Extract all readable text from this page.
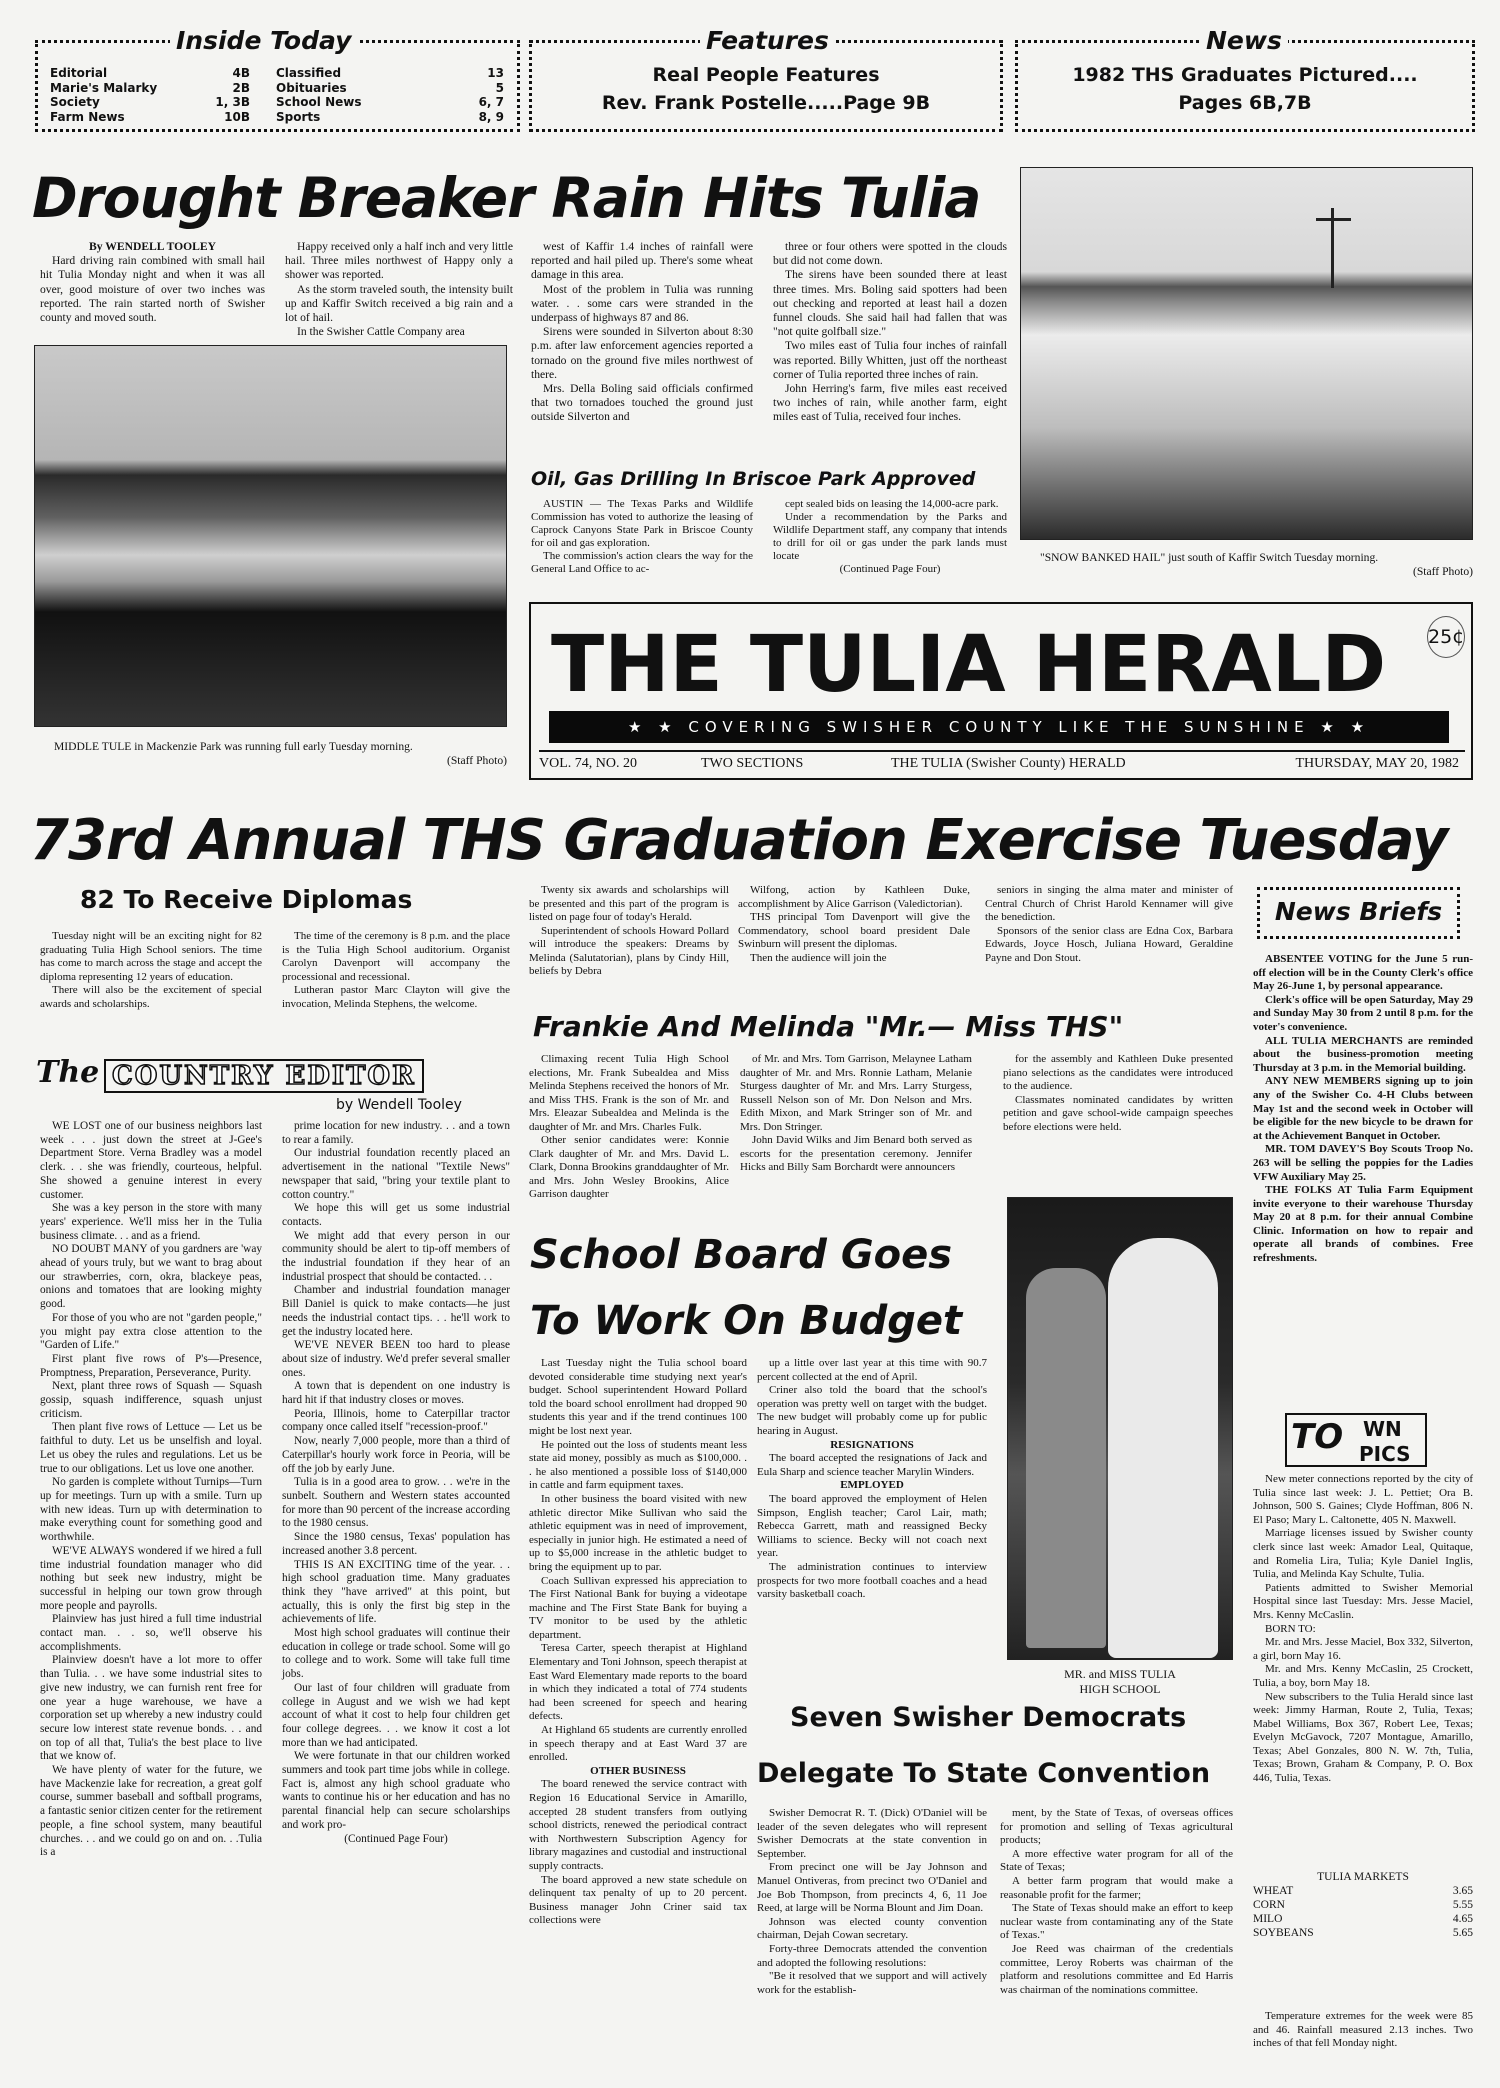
Editorial	4B
Marie's Malarky	2B
Society	1, 3B
Farm News	10B
Classified	13
Obituaries	5
School News	6, 7
Sports	8, 9
Inside Today
Real People Features
Rev. Frank Postelle.....Page 9B
Features
1982 THS Graduates Pictured....
Pages 6B,7B
News
Drought Breaker Rain Hits Tulia

By WENDELL TOOLEY

Hard driving rain combined with small hail hit Tulia Monday night and when it was all over, good moisture of over two inches was reported. The rain started north of Swisher county and moved south.

Happy received only a half inch and very little hail. Three miles northwest of Happy only a shower was reported.

As the storm traveled south, the intensity built up and Kaffir Switch received a big rain and a lot of hail.

In the Swisher Cattle Company area

west of Kaffir 1.4 inches of rainfall were reported and hail piled up. There's some wheat damage in this area.

Most of the problem in Tulia was running water. . . some cars were stranded in the underpass of highways 87 and 86.

Sirens were sounded in Silverton about 8:30 p.m. after law enforcement agencies reported a tornado on the ground five miles northwest of there.

Mrs. Della Boling said officials confirmed that two tornadoes touched the ground just outside Silverton and

three or four others were spotted in the clouds but did not come down.

The sirens have been sounded there at least three times. Mrs. Boling said spotters had been out checking and reported at least hail a dozen funnel clouds. She said hail had fallen that was "not quite golfball size."

Two miles east of Tulia four inches of rainfall was reported. Billy Whitten, just off the northeast corner of Tulia reported three inches of rain.

John Herring's farm, five miles east received two inches of rain, while another farm, eight miles east of Tulia, received four inches.

MIDDLE TULE in Mackenzie Park was running full early Tuesday morning.
(Staff Photo)
"SNOW BANKED HAIL" just south of Kaffir Switch Tuesday morning.
(Staff Photo)
Oil, Gas Drilling In Briscoe Park Approved

AUSTIN — The Texas Parks and Wildlife Commission has voted to authorize the leasing of Caprock Canyons State Park in Briscoe County for oil and gas exploration.

The commission's action clears the way for the General Land Office to ac-

cept sealed bids on leasing the 14,000-acre park.

Under a recommendation by the Parks and Wildlife Department staff, any company that intends to drill for oil or gas under the park lands must locate

(Continued Page Four)

THE TULIA HERALD 25¢
★ ★ COVERING SWISHER COUNTY LIKE THE SUNSHINE ★ ★
VOL. 74, NO. 20	TWO SECTIONS	THE TULIA (Swisher County) HERALD	THURSDAY, MAY 20, 1982
73rd Annual THS Graduation Exercise Tuesday
82 To Receive Diplomas

Tuesday night will be an exciting night for 82 graduating Tulia High School seniors. The time has come to march across the stage and accept the diploma representing 12 years of education.

There will also be the excitement of special awards and scholarships.

The time of the ceremony is 8 p.m. and the place is the Tulia High School auditorium. Organist Carolyn Davenport will accompany the processional and recessional.

Lutheran pastor Marc Clayton will give the invocation, Melinda Stephens, the welcome.

Twenty six awards and scholarships will be presented and this part of the program is listed on page four of today's Herald.

Superintendent of schools Howard Pollard will introduce the speakers: Dreams by Melinda (Salutatorian), plans by Cindy Hill, beliefs by Debra

Wilfong, action by Kathleen Duke, accomplishment by Alice Garrison (Valedictorian).

THS principal Tom Davenport will give the Commendatory, school board president Dale Swinburn will present the diplomas.

Then the audience will join the

seniors in singing the alma mater and minister of Central Church of Christ Harold Kennamer will give the benediction.

Sponsors of the senior class are Edna Cox, Barbara Edwards, Joyce Hosch, Juliana Howard, Geraldine Payne and Don Stout.

The COUNTRY EDITOR
by Wendell Tooley

WE LOST one of our business neighbors last week . . . just down the street at J-Gee's Department Store. Verna Bradley was a model clerk. . . she was friendly, courteous, helpful. She showed a genuine interest in every customer.

She was a key person in the store with many years' experience. We'll miss her in the Tulia business climate. . . and as a friend.

NO DOUBT MANY of you gardners are 'way ahead of yours truly, but we want to brag about our strawberries, corn, okra, blackeye peas, onions and tomatoes that are looking mighty good.

For those of you who are not "garden people," you might pay extra close attention to the "Garden of Life."

First plant five rows of P's—Presence, Promptness, Preparation, Perseverance, Purity.

Next, plant three rows of Squash — Squash gossip, squash indifference, squash unjust criticism.

Then plant five rows of Lettuce — Let us be faithful to duty. Let us be unselfish and loyal. Let us obey the rules and regulations. Let us be true to our obligations. Let us love one another.

No garden is complete without Turnips—Turn up for meetings. Turn up with a smile. Turn up with new ideas. Turn up with determination to make everything count for something good and worthwhile.

WE'VE ALWAYS wondered if we hired a full time industrial foundation manager who did nothing but seek new industry, might be successful in helping our town grow through more people and payrolls.

Plainview has just hired a full time industrial contact man. . . so, we'll observe his accomplishments.

Plainview doesn't have a lot more to offer than Tulia. . . we have some industrial sites to give new industry, we can furnish rent free for one year a huge warehouse, we have a corporation set up whereby a new industry could secure low interest state revenue bonds. . . and on top of all that, Tulia's the best place to live that we know of.

We have plenty of water for the future, we have Mackenzie lake for recreation, a great golf course, summer baseball and softball programs, a fantastic senior citizen center for the retirement people, a fine school system, many beautiful churches. . . and we could go on and on. . .Tulia is a

prime location for new industry. . . and a town to rear a family.

Our industrial foundation recently placed an advertisement in the national "Textile News" newspaper that said, "bring your textile plant to cotton country."

We hope this will get us some industrial contacts.

We might add that every person in our community should be alert to tip-off members of the industrial foundation if they hear of an industrial prospect that should be contacted. . .

Chamber and industrial foundation manager Bill Daniel is quick to make contacts—he just needs the industrial contact tips. . . he'll work to get the industry located here.

WE'VE NEVER BEEN too hard to please about size of industry. We'd prefer several smaller ones.

A town that is dependent on one industry is hard hit if that industry closes or moves.

Peoria, Illinois, home to Caterpillar tractor company once called itself "recession-proof."

Now, nearly 7,000 people, more than a third of Caterpillar's hourly work force in Peoria, will be off the job by early June.

Tulia is in a good area to grow. . . we're in the sunbelt. Southern and Western states accounted for more than 90 percent of the increase according to the 1980 census.

Since the 1980 census, Texas' population has increased another 3.8 percent.

THIS IS AN EXCITING time of the year. . . high school graduation time. Many graduates think they "have arrived" at this point, but actually, this is only the first big step in the achievements of life.

Most high school graduates will continue their education in college or trade school. Some will go to college and to work. Some will take full time jobs.

Our last of four children will graduate from college in August and we wish we had kept account of what it cost to help four children get four college degrees. . . we know it cost a lot more than we had anticipated.

We were fortunate in that our children worked summers and took part time jobs while in college. Fact is, almost any high school graduate who wants to continue his or her education and has no parental financial help can secure scholarships and work pro-

(Continued Page Four)

Frankie And Melinda "Mr.— Miss THS"

Climaxing recent Tulia High School elections, Mr. Frank Subealdea and Miss Melinda Stephens received the honors of Mr. and Miss THS. Frank is the son of Mr. and Mrs. Eleazar Subealdea and Melinda is the daughter of Mr. and Mrs. Charles Fulk.

Other senior candidates were: Konnie Clark daughter of Mr. and Mrs. David L. Clark, Donna Brookins granddaughter of Mr. and Mrs. John Wesley Brookins, Alice Garrison daughter

of Mr. and Mrs. Tom Garrison, Melaynee Latham daughter of Mr. and Mrs. Ronnie Latham, Melanie Sturgess daughter of Mr. and Mrs. Larry Sturgess, Russell Nelson son of Mr. Don Nelson and Mrs. Edith Mixon, and Mark Stringer son of Mr. and Mrs. Don Stringer.

John David Wilks and Jim Benard both served as escorts for the presentation ceremony. Jennifer Hicks and Billy Sam Borchardt were announcers

for the assembly and Kathleen Duke presented piano selections as the candidates were introduced to the audience.

Classmates nominated candidates by written petition and gave school-wide campaign speeches before elections were held.

School Board Goes
To Work On Budget

Last Tuesday night the Tulia school board devoted considerable time studying next year's budget. School superintendent Howard Pollard told the board school enrollment had dropped 90 students this year and if the trend continues 100 might be lost next year.

He pointed out the loss of students meant less state aid money, possibly as much as $100,000. . . he also mentioned a possible loss of $140,000 in cattle and farm equipment taxes.

In other business the board visited with new athletic director Mike Sullivan who said the athletic equipment was in need of improvement, especially in junior high. He estimated a need of up to $5,000 increase in the athletic budget to bring the equipment up to par.

Coach Sullivan expressed his appreciation to The First National Bank for buying a videotape machine and The First State Bank for buying a TV monitor to be used by the athletic department.

Teresa Carter, speech therapist at Highland Elementary and Toni Johnson, speech therapist at East Ward Elementary made reports to the board in which they indicated a total of 774 students had been screened for speech and hearing defects.

At Highland 65 students are currently enrolled in speech therapy and at East Ward 37 are enrolled.

OTHER BUSINESS

The board renewed the service contract with Region 16 Educational Service in Amarillo, accepted 28 student transfers from outlying school districts, renewed the periodical contract with Northwestern Subscription Agency for library magazines and custodial and instructional supply contracts.

The board approved a new state schedule on delinquent tax penalty of up to 20 percent. Business manager John Criner said tax collections were

up a little over last year at this time with 90.7 percent collected at the end of April.

Criner also told the board that the school's operation was pretty well on target with the budget. The new budget will probably come up for public hearing in August.

RESIGNATIONS

The board accepted the resignations of Jack and Eula Sharp and science teacher Marylin Winders.

EMPLOYED

The board approved the employment of Helen Simpson, English teacher; Carol Lair, math; Rebecca Garrett, math and reassigned Becky Williams to science. Becky will not coach next year.

The administration continues to interview prospects for two more football coaches and a head varsity basketball coach.

MR. and MISS TULIA
HIGH SCHOOL
Seven Swisher Democrats
Delegate To State Convention

Swisher Democrat R. T. (Dick) O'Daniel will be leader of the seven delegates who will represent Swisher Democrats at the state convention in September.

From precinct one will be Jay Johnson and Manuel Ontiveras, from precinct two O'Daniel and Joe Bob Thompson, from precincts 4, 6, 11 Joe Reed, at large will be Norma Blount and Jim Doan.

Johnson was elected county convention chairman, Dejah Cowan secretary.

Forty-three Democrats attended the convention and adopted the following resolutions:

"Be it resolved that we support and will actively work for the establish-

ment, by the State of Texas, of overseas offices for promotion and selling of Texas agricultural products;

A more effective water program for all of the State of Texas;

A better farm program that would make a reasonable profit for the farmer;

The State of Texas should make an effort to keep nuclear waste from contaminating any of the State of Texas."

Joe Reed was chairman of the credentials committee, Leroy Roberts was chairman of the platform and resolutions committee and Ed Harris was chairman of the nominations committee.

News Briefs

ABSENTEE VOTING for the June 5 run-off election will be in the County Clerk's office May 26-June 1, by personal appearance.

Clerk's office will be open Saturday, May 29 and Sunday May 30 from 2 until 8 p.m. for the voter's convenience.

ALL TULIA MERCHANTS are reminded about the business-promotion meeting Thursday at 3 p.m. in the Memorial building.

ANY NEW MEMBERS signing up to join any of the Swisher Co. 4-H Clubs between May 1st and the second week in October will be eligible for the new bicycle to be drawn for at the Achievement Banquet in October.

MR. TOM DAVEY'S Boy Scouts Troop No. 263 will be selling the poppies for the Ladies VFW Auxiliary May 25.

THE FOLKS AT Tulia Farm Equipment invite everyone to their warehouse Thursday May 20 at 8 p.m. for their annual Combine Clinic. Information on how to repair and operate all brands of combines. Free refreshments.

TO WN
PICS

New meter connections reported by the city of Tulia since last week: J. L. Pettiet; Ora B. Johnson, 500 S. Gaines; Clyde Hoffman, 806 N. El Paso; Mary L. Caltonette, 405 N. Maxwell.

Marriage licenses issued by Swisher county clerk since last week: Amador Leal, Quitaque, and Romelia Lira, Tulia; Kyle Daniel Inglis, Tulia, and Melinda Kay Schulte, Tulia.

Patients admitted to Swisher Memorial Hospital since last Tuesday: Mrs. Jesse Maciel, Mrs. Kenny McCaslin.

BORN TO:

Mr. and Mrs. Jesse Maciel, Box 332, Silverton, a girl, born May 16.

Mr. and Mrs. Kenny McCaslin, 25 Crockett, Tulia, a boy, born May 18.

New subscribers to the Tulia Herald since last week: Jimmy Harman, Route 2, Tulia, Texas; Mabel Williams, Box 367, Robert Lee, Texas; Evelyn McGavock, 7207 Montague, Amarillo, Texas; Abel Gonzales, 800 N. W. 7th, Tulia, Texas; Brown, Graham & Company, P. O. Box 446, Tulia, Texas.

TULIA MARKETS
WHEAT	3.65
CORN	5.55
MILO	4.65
SOYBEANS	5.65

Temperature extremes for the week were 85 and 46. Rainfall measured 2.13 inches. Two inches of that fell Monday night.
